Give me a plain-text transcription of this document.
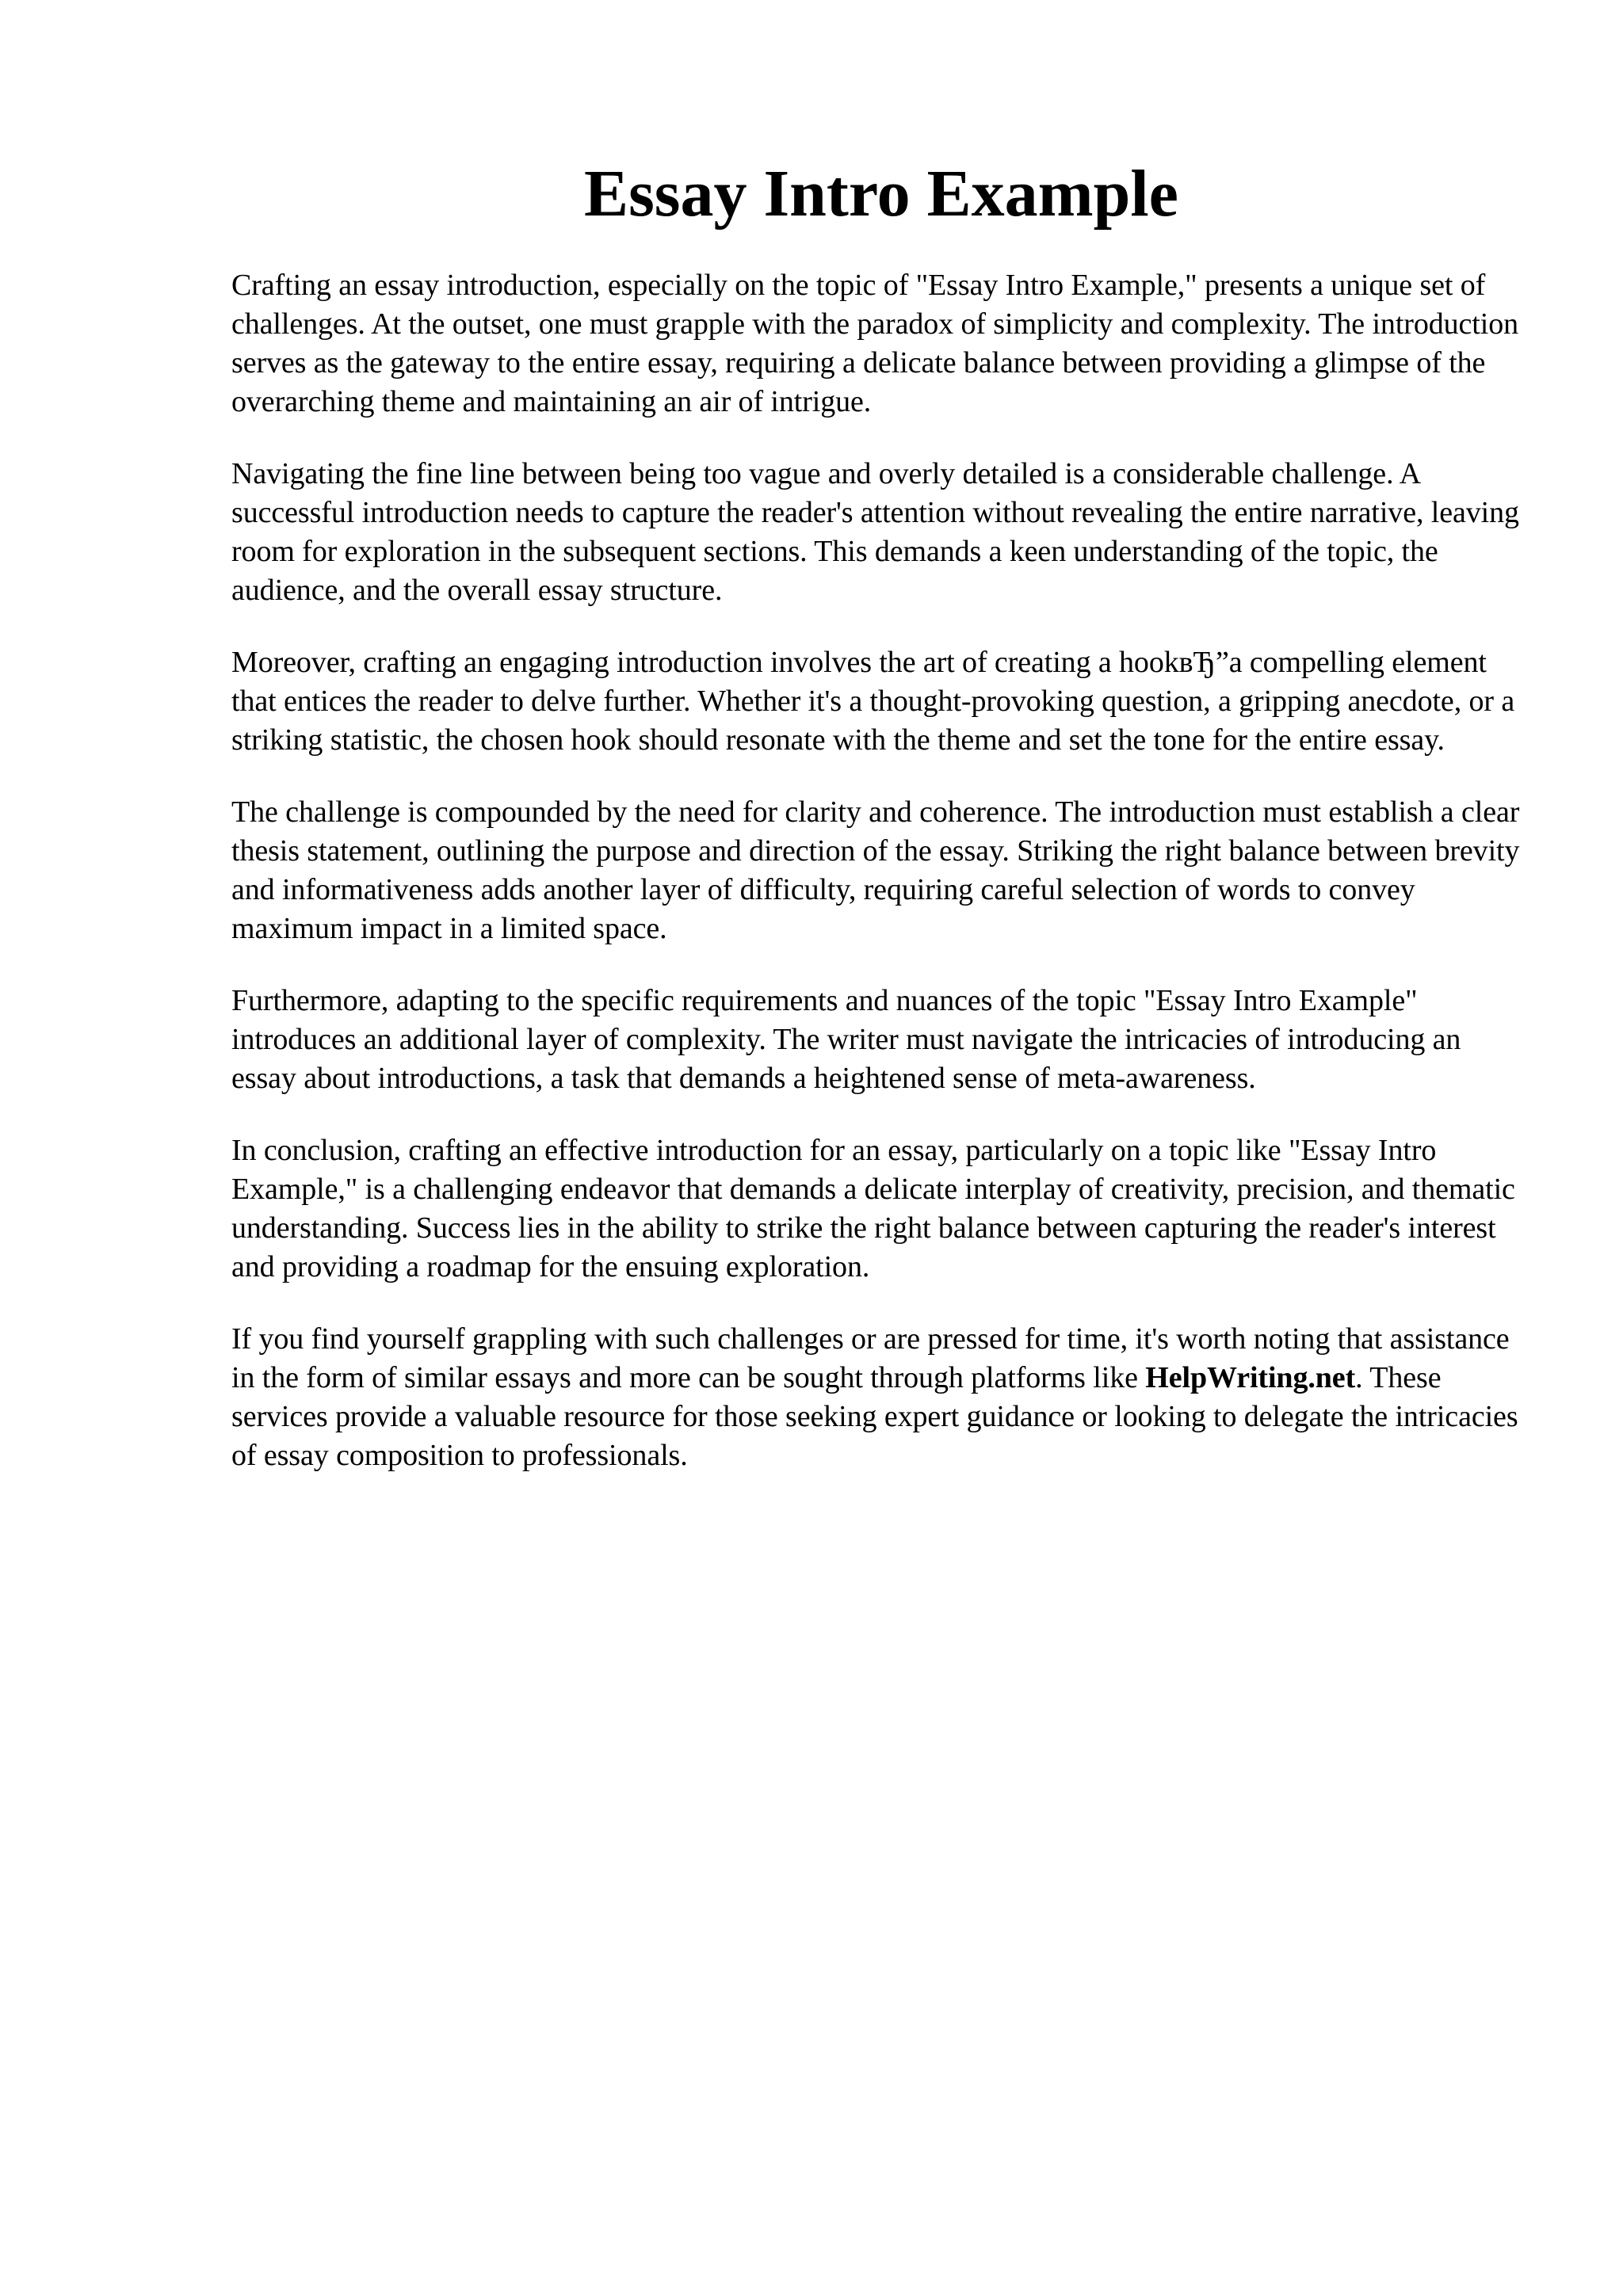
Essay Intro Example

Crafting an essay introduction, especially on the topic of "Essay Intro Example," presents a unique set of challenges. At the outset, one must grapple with the paradox of simplicity and complexity. The introduction serves as the gateway to the entire essay, requiring a delicate balance between providing a glimpse of the overarching theme and maintaining an air of intrigue.

Navigating the fine line between being too vague and overly detailed is a considerable challenge. A successful introduction needs to capture the reader's attention without revealing the entire narrative, leaving room for exploration in the subsequent sections. This demands a keen understanding of the topic, the audience, and the overall essay structure.

Moreover, crafting an engaging introduction involves the art of creating a hookвЂ”a compelling element that entices the reader to delve further. Whether it's a thought-provoking question, a gripping anecdote, or a striking statistic, the chosen hook should resonate with the theme and set the tone for the entire essay.

The challenge is compounded by the need for clarity and coherence. The introduction must establish a clear thesis statement, outlining the purpose and direction of the essay. Striking the right balance between brevity and informativeness adds another layer of difficulty, requiring careful selection of words to convey maximum impact in a limited space.

Furthermore, adapting to the specific requirements and nuances of the topic "Essay Intro Example" introduces an additional layer of complexity. The writer must navigate the intricacies of introducing an essay about introductions, a task that demands a heightened sense of meta-awareness.

In conclusion, crafting an effective introduction for an essay, particularly on a topic like "Essay Intro Example," is a challenging endeavor that demands a delicate interplay of creativity, precision, and thematic understanding. Success lies in the ability to strike the right balance between capturing the reader's interest and providing a roadmap for the ensuing exploration.

If you find yourself grappling with such challenges or are pressed for time, it's worth noting that assistance in the form of similar essays and more can be sought through platforms like HelpWriting.net. These services provide a valuable resource for those seeking expert guidance or looking to delegate the intricacies of essay composition to professionals.
